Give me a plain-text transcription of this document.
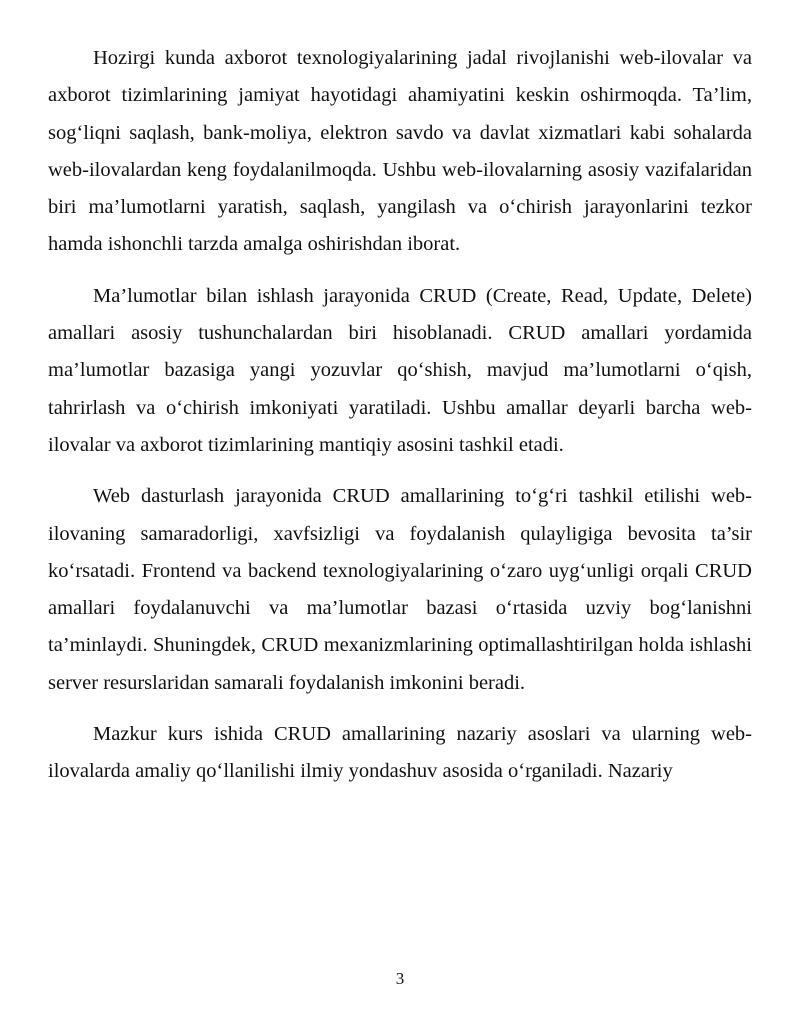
Hozirgi kunda axborot texnologiyalarining jadal rivojlanishi web-ilovalar va axborot tizimlarining jamiyat hayotidagi ahamiyatini keskin oshirmoqda. Ta’lim, sog‘liqni saqlash, bank-moliya, elektron savdo va davlat xizmatlari kabi sohalarda web-ilovalardan keng foydalanilmoqda. Ushbu web-ilovalarning asosiy vazifalaridan biri ma’lumotlarni yaratish, saqlash, yangilash va o‘chirish jarayonlarini tezkor hamda ishonchli tarzda amalga oshirishdan iborat.

Ma’lumotlar bilan ishlash jarayonida CRUD (Create, Read, Update, Delete) amallari asosiy tushunchalardan biri hisoblanadi. CRUD amallari yordamida ma’lumotlar bazasiga yangi yozuvlar qo‘shish, mavjud ma’lumotlarni o‘qish, tahrirlash va o‘chirish imkoniyati yaratiladi. Ushbu amallar deyarli barcha web-ilovalar va axborot tizimlarining mantiqiy asosini tashkil etadi.

Web dasturlash jarayonida CRUD amallarining to‘g‘ri tashkil etilishi web-ilovaning samaradorligi, xavfsizligi va foydalanish qulayligiga bevosita ta’sir ko‘rsatadi. Frontend va backend texnologiyalarining o‘zaro uyg‘unligi orqali CRUD amallari foydalanuvchi va ma’lumotlar bazasi o‘rtasida uzviy bog‘lanishni ta’minlaydi. Shuningdek, CRUD mexanizmlarining optimallashtirilgan holda ishlashi server resurslaridan samarali foydalanish imkonini beradi.

Mazkur kurs ishida CRUD amallarining nazariy asoslari va ularning web-ilovalarda amaliy qo‘llanilishi ilmiy yondashuv asosida o‘rganiladi. Nazariy

3
